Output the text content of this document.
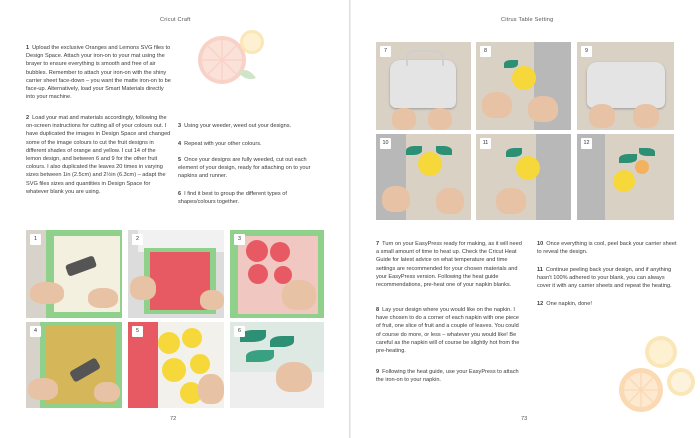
Cricut Craft

1 Upload the exclusive Oranges and Lemons SVG files to Design Space. Attach your iron-on to your mat using the brayer to ensure everything is smooth and free of air bubbles. Remember to attach your iron-on with the shiny carrier sheet face-down – you want the matte iron-on to be face-up. Alternatively, load your Smart Materials directly into your machine.

2 Load your mat and materials accordingly, following the on-screen instructions for cutting all of your colours out. I have duplicated the images in Design Space and changed some of the image colours to cut the fruit designs in different shades of orange and yellow. I cut 14 of the lemon design, and between 6 and 9 for the other fruit colours. I also duplicated the leaves 20 times in varying sizes between 1in (2.5cm) and 2½in (6.3cm) – adapt the SVG files sizes and quantities in Design Space for whatever blank you are using.

3 Using your weeder, weed out your designs.

4 Repeat with your other colours.

5 Once your designs are fully weeded, cut out each element of your design, ready for attaching on to your napkins and runner.

6 I find it best to group the different types of shapes/colours together.

1	2	3
4	5	6
72
Citrus Table Setting
7	8	9
10	11	12

7 Turn on your EasyPress ready for making, as it will need a small amount of time to heat up. Check the Cricut Heat Guide for latest advice on what temperature and time settings are recommended for your chosen materials and your EasyPress version. Following the heat guide recommendations, pre-heat one of your napkin blanks.

8 Lay your design where you would like on the napkin. I have chosen to do a corner of each napkin with one piece of fruit, one slice of fruit and a couple of leaves. You could of course do more, or less – whatever you would like! Be careful as the napkin will of course be slightly hot from the pre-heating.

9 Following the heat guide, use your EasyPress to attach the iron-on to your napkin.

10 Once everything is cool, peel back your carrier sheet to reveal the design.

11 Continue peeling back your design, and if anything hasn't 100% adhered to your blank, you can always cover it with any carrier sheets and repeat the heating.

12 One napkin, done!

73
